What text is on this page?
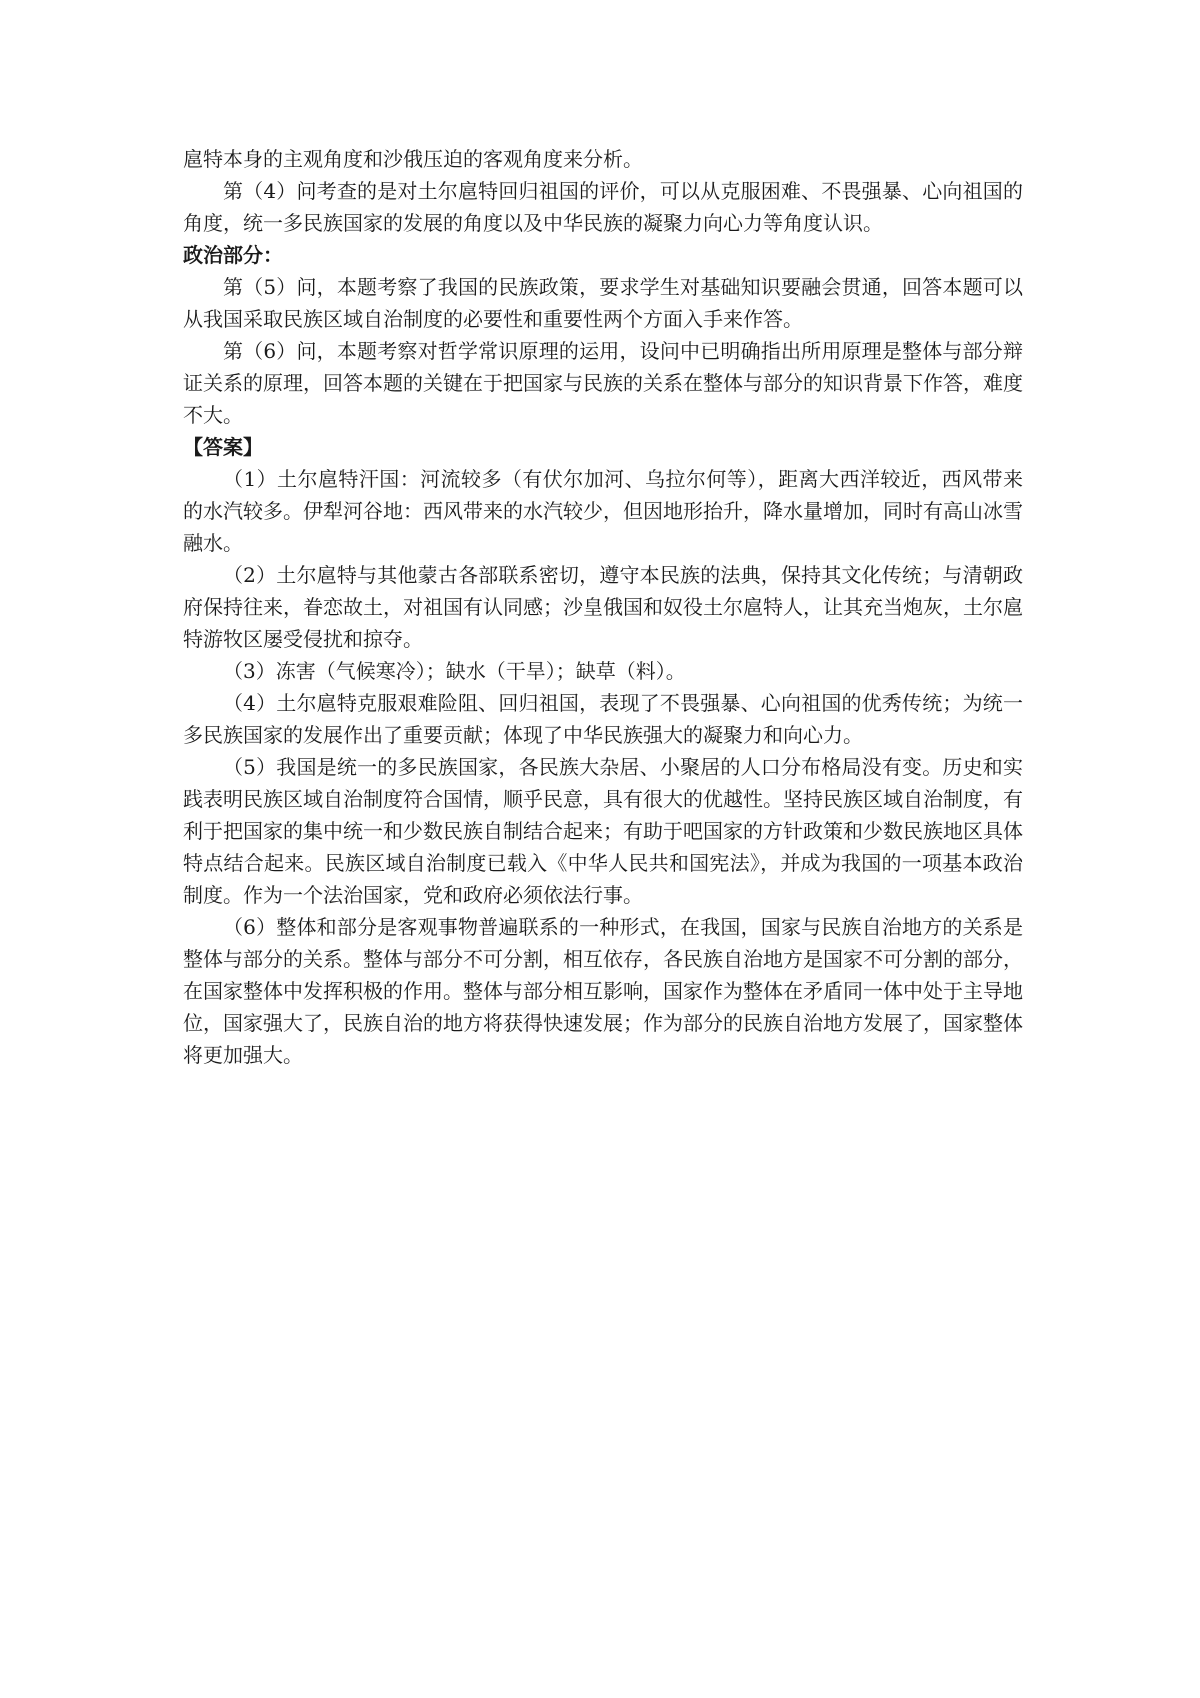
扈特本身的主观角度和沙俄压迫的客观角度来分析。

第（4）问考查的是对土尔扈特回归祖国的评价，可以从克服困难、不畏强暴、心向祖国的角度，统一多民族国家的发展的角度以及中华民族的凝聚力向心力等角度认识。

政治部分：

第（5）问，本题考察了我国的民族政策，要求学生对基础知识要融会贯通，回答本题可以从我国采取民族区域自治制度的必要性和重要性两个方面入手来作答。

第（6）问，本题考察对哲学常识原理的运用，设问中已明确指出所用原理是整体与部分辩证关系的原理，回答本题的关键在于把国家与民族的关系在整体与部分的知识背景下作答，难度不大。

【答案】

（1）土尔扈特汗国：河流较多（有伏尔加河、乌拉尔何等），距离大西洋较近，西风带来的水汽较多。伊犁河谷地：西风带来的水汽较少，但因地形抬升，降水量增加，同时有高山冰雪融水。

（2）土尔扈特与其他蒙古各部联系密切，遵守本民族的法典，保持其文化传统；与清朝政府保持往来，眷恋故土，对祖国有认同感；沙皇俄国和奴役土尔扈特人，让其充当炮灰，土尔扈特游牧区屡受侵扰和掠夺。

（3）冻害（气候寒冷）；缺水（干旱）；缺草（料）。

（4）土尔扈特克服艰难险阻、回归祖国，表现了不畏强暴、心向祖国的优秀传统；为统一多民族国家的发展作出了重要贡献；体现了中华民族强大的凝聚力和向心力。

（5）我国是统一的多民族国家，各民族大杂居、小聚居的人口分布格局没有变。历史和实践表明民族区域自治制度符合国情，顺乎民意，具有很大的优越性。坚持民族区域自治制度，有利于把国家的集中统一和少数民族自制结合起来；有助于吧国家的方针政策和少数民族地区具体特点结合起来。民族区域自治制度已载入《中华人民共和国宪法》，并成为我国的一项基本政治制度。作为一个法治国家，党和政府必须依法行事。

（6）整体和部分是客观事物普遍联系的一种形式，在我国，国家与民族自治地方的关系是整体与部分的关系。整体与部分不可分割，相互依存，各民族自治地方是国家不可分割的部分，在国家整体中发挥积极的作用。整体与部分相互影响，国家作为整体在矛盾同一体中处于主导地位，国家强大了，民族自治的地方将获得快速发展；作为部分的民族自治地方发展了，国家整体将更加强大。
